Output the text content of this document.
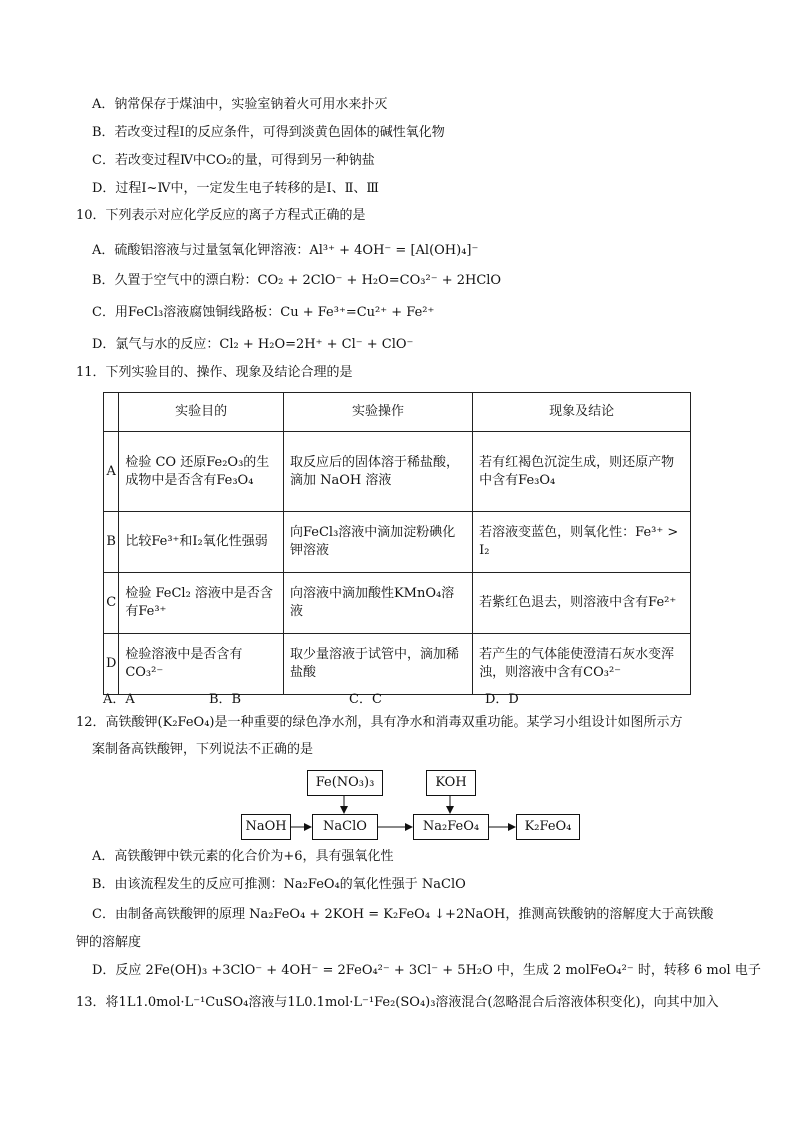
A．钠常保存于煤油中，实验室钠着火可用水来扑灭
B．若改变过程Ⅰ的反应条件，可得到淡黄色固体的碱性氧化物
C．若改变过程Ⅳ中CO₂的量，可得到另一种钠盐
D．过程Ⅰ~Ⅳ中，一定发生电子转移的是Ⅰ、Ⅱ、Ⅲ
10．下列表示对应化学反应的离子方程式正确的是
A．硫酸铝溶液与过量氢氧化钾溶液：Al³⁺ + 4OH⁻ = [Al(OH)₄]⁻
B．久置于空气中的漂白粉：CO₂ + 2ClO⁻ + H₂O=CO₃²⁻ + 2HClO
C．用FeCl₃溶液腐蚀铜线路板：Cu + Fe³⁺=Cu²⁺ + Fe²⁺
D．氯气与水的反应：Cl₂ + H₂O=2H⁺ + Cl⁻ + ClO⁻
11．下列实验目的、操作、现象及结论合理的是
	实验目的	实验操作	现象及结论
A	检验 CO 还原Fe₂O₃的生成物中是否含有Fe₃O₄	取反应后的固体溶于稀盐酸，滴加 NaOH 溶液	若有红褐色沉淀生成，则还原产物中含有Fe₃O₄
B	比较Fe³⁺和I₂氧化性强弱	向FeCl₃溶液中滴加淀粉碘化钾溶液	若溶液变蓝色，则氧化性：Fe³⁺ > I₂
C	检验 FeCl₂ 溶液中是否含有Fe³⁺	向溶液中滴加酸性KMnO₄溶液	若紫红色退去，则溶液中含有Fe²⁺
D	检验溶液中是否含有CO₃²⁻	取少量溶液于试管中，滴加稀盐酸	若产生的气体能使澄清石灰水变浑浊，则溶液中含有CO₃²⁻
A．A	B．B	C．C	D．D
12．高铁酸钾(K₂FeO₄)是一种重要的绿色净水剂，具有净水和消毒双重功能。某学习小组设计如图所示方
案制备高铁酸钾，下列说法不正确的是
Fe(NO₃)₃	KOH
NaOH	NaClO	Na₂FeO₄	K₂FeO₄
A．高铁酸钾中铁元素的化合价为+6，具有强氧化性
B．由该流程发生的反应可推测：Na₂FeO₄的氧化性强于 NaClO
C．由制备高铁酸钾的原理 Na₂FeO₄ + 2KOH = K₂FeO₄ ↓+2NaOH，推测高铁酸钠的溶解度大于高铁酸
钾的溶解度
D．反应 2Fe(OH)₃ +3ClO⁻ + 4OH⁻ = 2FeO₄²⁻ + 3Cl⁻ + 5H₂O 中，生成 2 molFeO₄²⁻ 时，转移 6 mol 电子
13．将1L1.0mol·L⁻¹CuSO₄溶液与1L0.1mol·L⁻¹Fe₂(SO₄)₃溶液混合(忽略混合后溶液体积变化)，向其中加入
